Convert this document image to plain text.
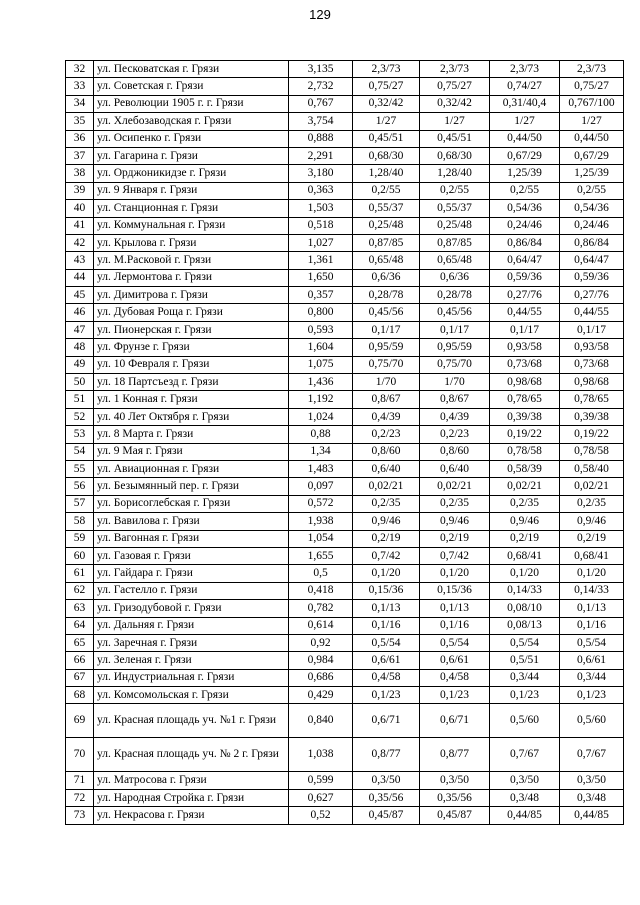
129
32	ул. Песковатская г. Грязи	3,135	2,3/73	2,3/73	2,3/73	2,3/73
33	ул. Советская г. Грязи	2,732	0,75/27	0,75/27	0,74/27	0,75/27
34	ул. Революции 1905 г. г. Грязи	0,767	0,32/42	0,32/42	0,31/40,4	0,767/100
35	ул. Хлебозаводская г. Грязи	3,754	1/27	1/27	1/27	1/27
36	ул. Осипенко г. Грязи	0,888	0,45/51	0,45/51	0,44/50	0,44/50
37	ул. Гагарина г. Грязи	2,291	0,68/30	0,68/30	0,67/29	0,67/29
38	ул. Орджоникидзе г. Грязи	3,180	1,28/40	1,28/40	1,25/39	1,25/39
39	ул. 9 Января г. Грязи	0,363	0,2/55	0,2/55	0,2/55	0,2/55
40	ул. Станционная г. Грязи	1,503	0,55/37	0,55/37	0,54/36	0,54/36
41	ул. Коммунальная г. Грязи	0,518	0,25/48	0,25/48	0,24/46	0,24/46
42	ул. Крылова г. Грязи	1,027	0,87/85	0,87/85	0,86/84	0,86/84
43	ул. М.Расковой г. Грязи	1,361	0,65/48	0,65/48	0,64/47	0,64/47
44	ул. Лермонтова г. Грязи	1,650	0,6/36	0,6/36	0,59/36	0,59/36
45	ул. Димитрова г. Грязи	0,357	0,28/78	0,28/78	0,27/76	0,27/76
46	ул. Дубовая Роща г. Грязи	0,800	0,45/56	0,45/56	0,44/55	0,44/55
47	ул. Пионерская г. Грязи	0,593	0,1/17	0,1/17	0,1/17	0,1/17
48	ул. Фрунзе г. Грязи	1,604	0,95/59	0,95/59	0,93/58	0,93/58
49	ул. 10 Февраля г. Грязи	1,075	0,75/70	0,75/70	0,73/68	0,73/68
50	ул. 18 Партсъезд г. Грязи	1,436	1/70	1/70	0,98/68	0,98/68
51	ул. 1 Конная г. Грязи	1,192	0,8/67	0,8/67	0,78/65	0,78/65
52	ул. 40 Лет Октября г. Грязи	1,024	0,4/39	0,4/39	0,39/38	0,39/38
53	ул. 8 Марта г. Грязи	0,88	0,2/23	0,2/23	0,19/22	0,19/22
54	ул. 9 Мая г. Грязи	1,34	0,8/60	0,8/60	0,78/58	0,78/58
55	ул. Авиационная г. Грязи	1,483	0,6/40	0,6/40	0,58/39	0,58/40
56	ул. Безымянный пер. г. Грязи	0,097	0,02/21	0,02/21	0,02/21	0,02/21
57	ул. Борисоглебская г. Грязи	0,572	0,2/35	0,2/35	0,2/35	0,2/35
58	ул. Вавилова г. Грязи	1,938	0,9/46	0,9/46	0,9/46	0,9/46
59	ул. Вагонная г. Грязи	1,054	0,2/19	0,2/19	0,2/19	0,2/19
60	ул. Газовая г. Грязи	1,655	0,7/42	0,7/42	0,68/41	0,68/41
61	ул. Гайдара г. Грязи	0,5	0,1/20	0,1/20	0,1/20	0,1/20
62	ул. Гастелло г. Грязи	0,418	0,15/36	0,15/36	0,14/33	0,14/33
63	ул. Гризодубовой г. Грязи	0,782	0,1/13	0,1/13	0,08/10	0,1/13
64	ул. Дальняя г. Грязи	0,614	0,1/16	0,1/16	0,08/13	0,1/16
65	ул. Заречная г. Грязи	0,92	0,5/54	0,5/54	0,5/54	0,5/54
66	ул. Зеленая г. Грязи	0,984	0,6/61	0,6/61	0,5/51	0,6/61
67	ул. Индустриальная г. Грязи	0,686	0,4/58	0,4/58	0,3/44	0,3/44
68	ул. Комсомольская г. Грязи	0,429	0,1/23	0,1/23	0,1/23	0,1/23
69	ул. Красная площадь уч. №1 г. Грязи	0,840	0,6/71	0,6/71	0,5/60	0,5/60
70	ул. Красная площадь уч. № 2 г. Грязи	1,038	0,8/77	0,8/77	0,7/67	0,7/67
71	ул. Матросова г. Грязи	0,599	0,3/50	0,3/50	0,3/50	0,3/50
72	ул. Народная Стройка г. Грязи	0,627	0,35/56	0,35/56	0,3/48	0,3/48
73	ул. Некрасова г. Грязи	0,52	0,45/87	0,45/87	0,44/85	0,44/85
